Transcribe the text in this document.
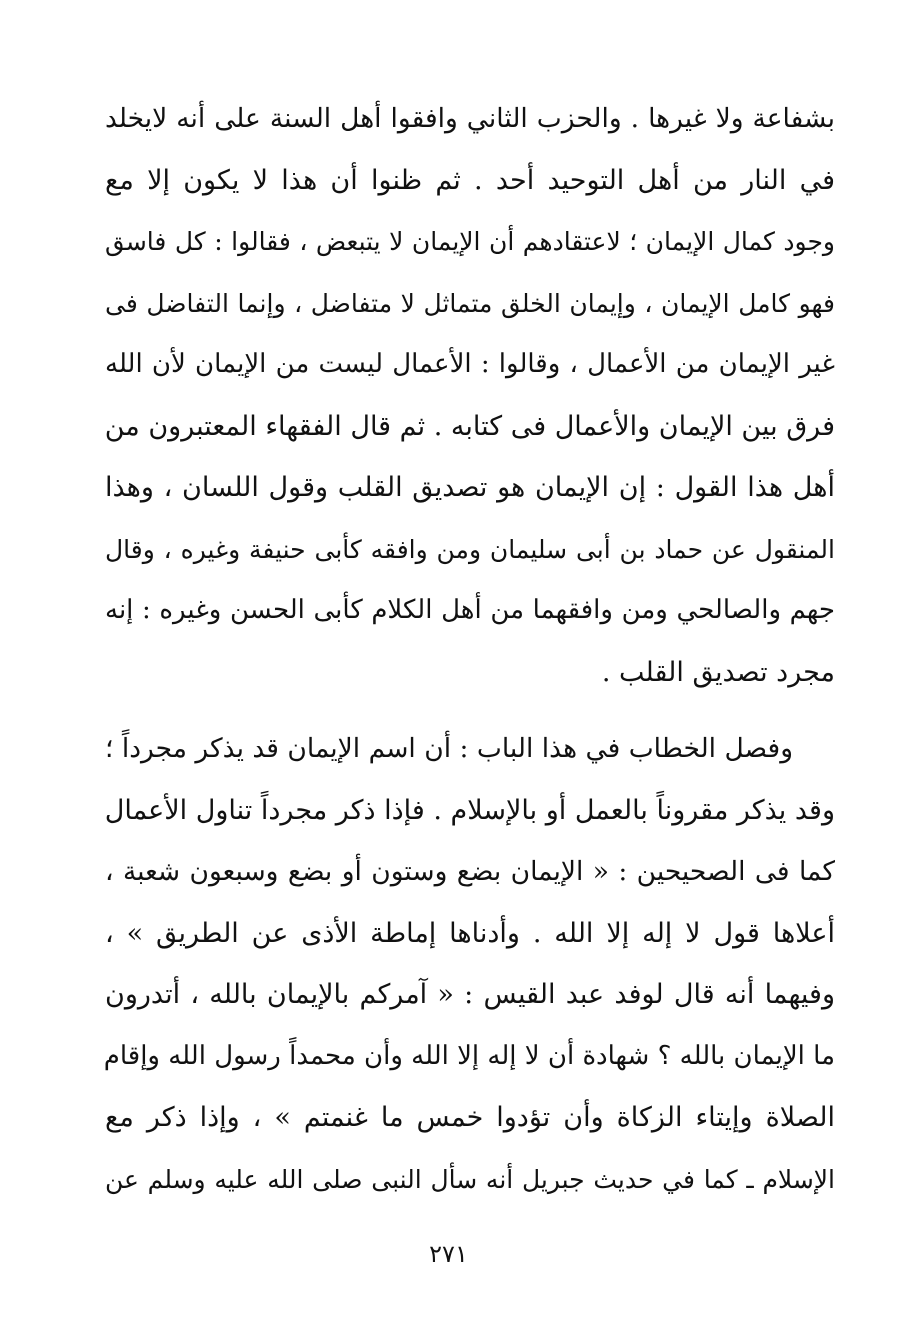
بشفاعة ولا غيرها . والحزب الثاني وافقوا أهل السنة على أنه لايخلد
في النار من أهل التوحيد أحد . ثم ظنوا أن هذا لا يكون إلا مع
وجود كمال الإيمان ؛ لاعتقادهم أن الإيمان لا يتبعض ، فقالوا : كل فاسق
فهو كامل الإيمان ، وإيمان الخلق متماثل لا متفاضل ، وإنما التفاضل فى
غير الإيمان من الأعمال ، وقالوا : الأعمال ليست من الإيمان لأن الله
فرق بين الإيمان والأعمال فى كتابه . ثم قال الفقهاء المعتبرون من
أهل هذا القول : إن الإيمان هو تصديق القلب وقول اللسان ، وهذا
المنقول عن حماد بن أبى سليمان ومن وافقه كأبى حنيفة وغيره ، وقال
جهم والصالحي ومن وافقهما من أهل الكلام كأبى الحسن وغيره : إنه
مجرد تصديق القلب .
وفصل الخطاب في هذا الباب : أن اسم الإيمان قد يذكر مجرداً ؛
وقد يذكر مقروناً بالعمل أو بالإسلام . فإذا ذكر مجرداً تناول الأعمال
كما فى الصحيحين : « الإيمان بضع وستون أو بضع وسبعون شعبة ،
أعلاها قول لا إله إلا الله . وأدناها إماطة الأذى عن الطريق » ،
وفيهما أنه قال لوفد عبد القيس : « آمركم بالإيمان بالله ، أتدرون
ما الإيمان بالله ؟ شهادة أن لا إله إلا الله وأن محمداً رسول الله وإقام
الصلاة وإيتاء الزكاة وأن تؤدوا خمس ما غنمتم » ، وإذا ذكر مع
الإسلام ـ كما في حديث جبريل أنه سأل النبى صلى الله عليه وسلم عن
٢٧١
